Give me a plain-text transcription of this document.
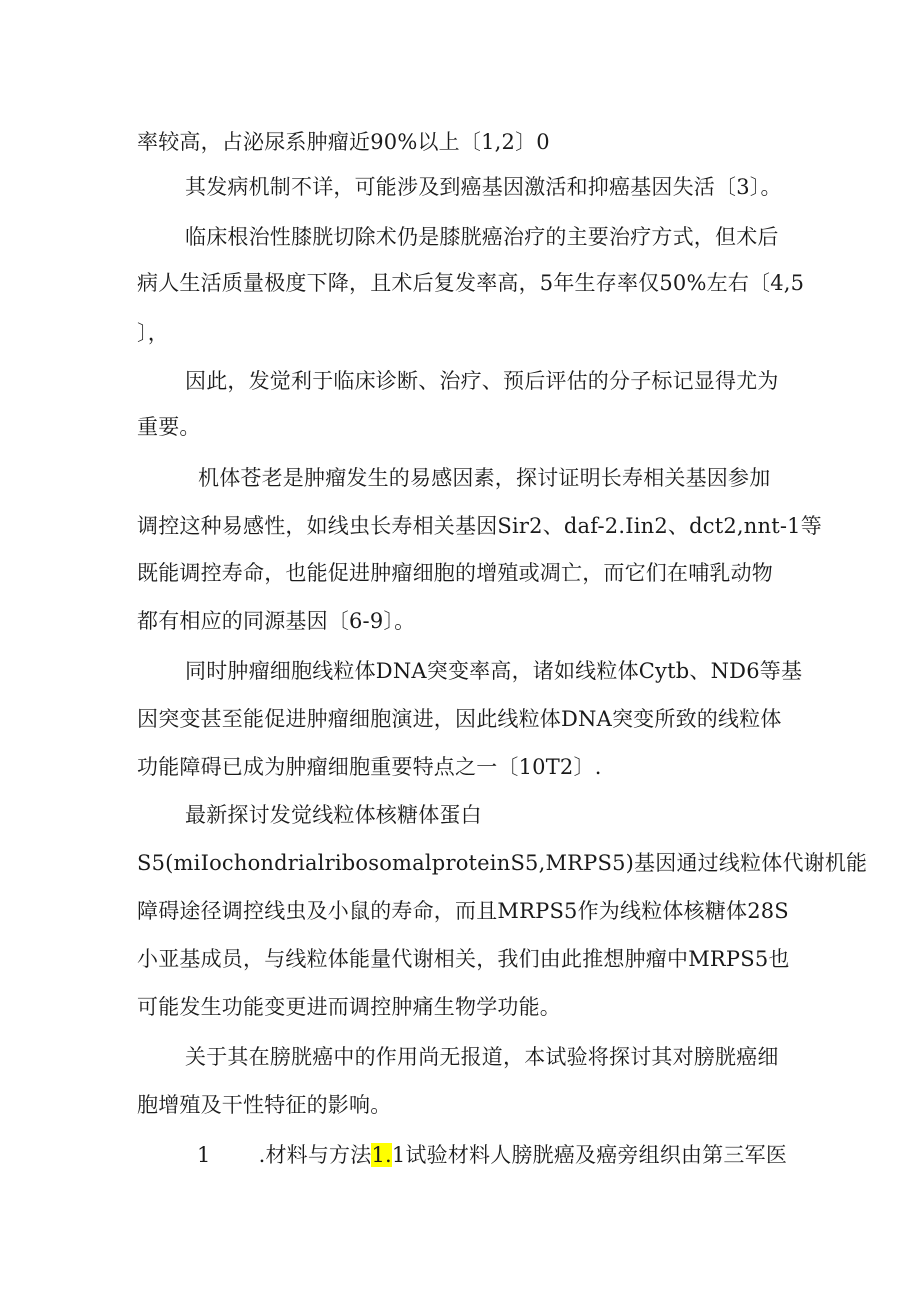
率较高，占泌尿系肿瘤近90%以上〔1,2〕0
其发病机制不详，可能涉及到癌基因激活和抑癌基因失活〔3〕。
临床根治性膝胱切除术仍是膝胱癌治疗的主要治疗方式，但术后
病人生活质量极度下降，且术后复发率高，5年生存率仅50%左右〔4,5
〕，
因此，发觉利于临床诊断、治疗、预后评估的分子标记显得尤为
重要。
机体苍老是肿瘤发生的易感因素，探讨证明长寿相关基因参加
调控这种易感性，如线虫长寿相关基因Sir2、daf-2.Iin2、dct2,nnt-1等
既能调控寿命，也能促进肿瘤细胞的增殖或凋亡，而它们在哺乳动物
都有相应的同源基因〔6-9〕。
同时肿瘤细胞线粒体DNA突变率高，诸如线粒体Cytb、ND6等基
因突变甚至能促进肿瘤细胞演进，因此线粒体DNA突变所致的线粒体
功能障碍已成为肿瘤细胞重要特点之一〔10T2〕.
最新探讨发觉线粒体核糖体蛋白
S5(miIochondrialribosomalproteinS5,MRPS5)基因通过线粒体代谢机能
障碍途径调控线虫及小鼠的寿命，而且MRPS5作为线粒体核糖体28S
小亚基成员，与线粒体能量代谢相关，我们由此推想肿瘤中MRPS5也
可能发生功能变更进而调控肿痛生物学功能。
关于其在膀胱癌中的作用尚无报道，本试验将探讨其对膀胱癌细
胞增殖及干性特征的影响。
1 .材料与方法1.1试验材料人膀胱癌及癌旁组织由第三军医
